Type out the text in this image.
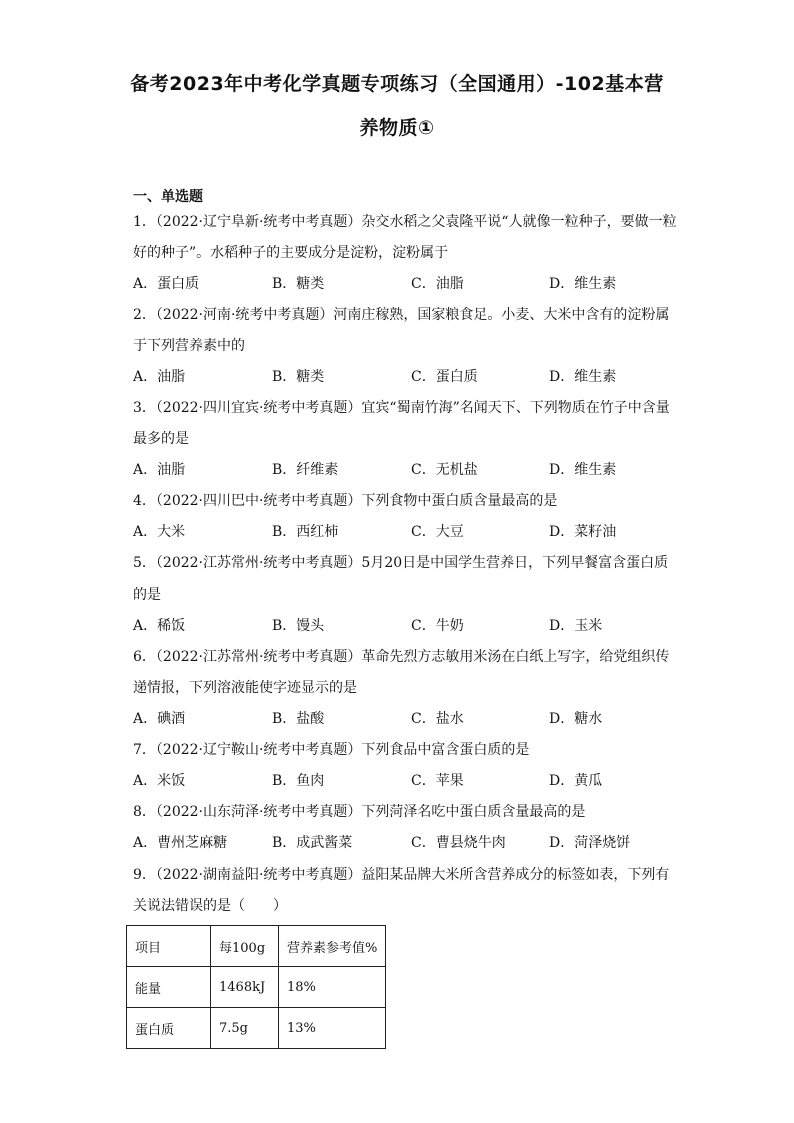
备考2023年中考化学真题专项练习（全国通用）-102基本营
养物质①
一、单选题
1．（2022·辽宁阜新·统考中考真题）杂交水稻之父袁隆平说“人就像一粒种子，要做一粒
好的种子”。水稻种子的主要成分是淀粉，淀粉属于
A．蛋白质	B．糖类	C．油脂	D．维生素
2．（2022·河南·统考中考真题）河南庄稼熟，国家粮食足。小麦、大米中含有的淀粉属
于下列营养素中的
A．油脂	B．糖类	C．蛋白质	D．维生素
3．（2022·四川宜宾·统考中考真题）宜宾“蜀南竹海”名闻天下、下列物质在竹子中含量
最多的是
A．油脂	B．纤维素	C．无机盐	D．维生素
4．（2022·四川巴中·统考中考真题）下列食物中蛋白质含量最高的是
A．大米	B．西红柿	C．大豆	D．菜籽油
5．（2022·江苏常州·统考中考真题）5月20日是中国学生营养日，下列早餐富含蛋白质
的是
A．稀饭	B．馒头	C．牛奶	D．玉米
6．（2022·江苏常州·统考中考真题）革命先烈方志敏用米汤在白纸上写字，给党组织传
递情报，下列溶液能使字迹显示的是
A．碘酒	B．盐酸	C．盐水	D．糖水
7．（2022·辽宁鞍山·统考中考真题）下列食品中富含蛋白质的是
A．米饭	B．鱼肉	C．苹果	D．黄瓜
8．（2022·山东菏泽·统考中考真题）下列菏泽名吃中蛋白质含量最高的是
A．曹州芝麻糖	B．成武酱菜	C．曹县烧牛肉	D．菏泽烧饼
9．（2022·湖南益阳·统考中考真题）益阳某品牌大米所含营养成分的标签如表，下列有
关说法错误的是（　　）
项目	每100g	营养素参考值%
能量	1468kJ	18%
蛋白质	7.5g	13%
